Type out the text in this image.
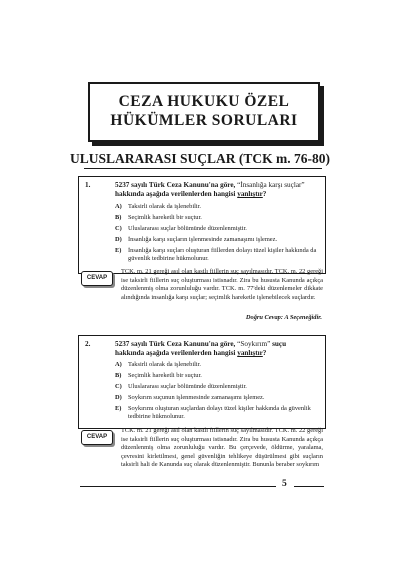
CEZA HUKUKU ÖZEL
HÜKÜMLER SORULARI
ULUSLARARASI SUÇLAR (TCK m. 76-80)
1.	5237 sayılı Türk Ceza Kanunu'na göre, “İnsanlığa karşı suçlar” hakkında aşağıda verilenlerden hangisi yanlıştır?
A) Taksirli olarak da işlenebilir.
B)	Seçimlik hareketli bir suçtur.
C) Uluslararası suçlar bölümünde düzenlenmiştir.
D) İnsanlığa karşı suçların işlenmesinde zamanaşımı işlemez.
E)	İnsanlığa karşı suçları oluşturan fiillerden dolayı tüzel kişiler hakkında da güvenlik tedbirine hükmolunur.
CEVAP
TCK. m. 21 gereği asıl olan kastlı fiillerin suç sayılmasıdır. TCK. m. 22 gereği ise taksirli fiillerin suç oluşturması istisnadır. Zira bu hususta Kanunda açıkça düzenlenmiş olma zorunluluğu vardır. TCK. m. 77'deki düzenlemeler dikkate alındığında insanlığa karşı suçlar; seçimlik hareketle işlenebilecek suçlardır.
Doğru Cevap: A Seçeneğidir.
2.	5237 sayılı Türk Ceza Kanunu'na göre, “Soykırım” suçu hakkında aşağıda verilenlerden hangisi yanlıştır?
A) Taksirli olarak da işlenebilir.
B)	Seçimlik hareketli bir suçtur.
C) Uluslararası suçlar bölümünde düzenlenmiştir.
D) Soykırım suçunun işlenmesinde zamanaşımı işlemez.
E)	Soykırımı oluşturan suçlardan dolayı tüzel kişiler hakkında da güvenlik tedbirine hükmolunur.
CEVAP
TCK. m. 21 gereği asıl olan kastlı fiillerin suç sayılmasıdır. TCK. m. 22 gereği ise taksirli fiillerin suç oluşturması istisnadır. Zira bu hususta Kanunda açıkça düzenlenmiş olma zorunluluğu vardır. Bu çerçevede, öldürme, yaralama, çevresini kirletilmesi, genel güvenliğin tehlikeye düşürülmesi gibi suçların taksirli hali de Kanunda suç olarak düzenlenmiştir. Bununla beraber soykırım
5
